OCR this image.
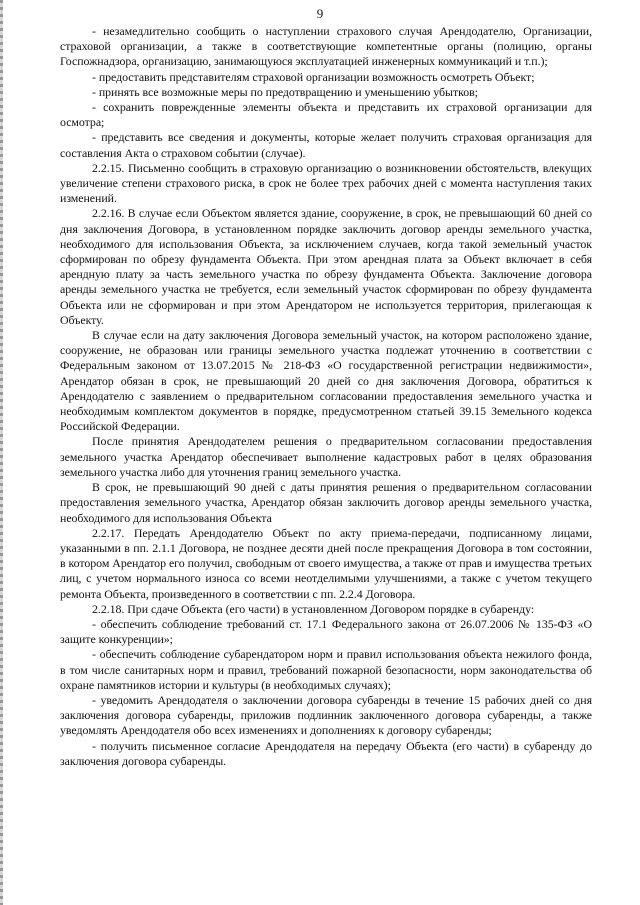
9

- незамедлительно сообщить о наступлении страхового случая Арендодателю, Организации, страховой организации, а также в соответствующие компетентные органы (полицию, органы Госпожнадзора, организацию, занимающуюся эксплуатацией инженерных коммуникаций и т.п.);

- предоставить представителям страховой организации возможность осмотреть Объект;

- принять все возможные меры по предотвращению и уменьшению убытков;

- сохранить поврежденные элементы объекта и представить их страховой организации для осмотра;

- представить все сведения и документы, которые желает получить страховая организация для составления Акта о страховом событии (случае).

2.2.15. Письменно сообщить в страховую организацию о возникновении обстоятельств, влекущих увеличение степени страхового риска, в срок не более трех рабочих дней с момента наступления таких изменений.

2.2.16. В случае если Объектом является здание, сооружение, в срок, не превышающий 60 дней со дня заключения Договора, в установленном порядке заключить договор аренды земельного участка, необходимого для использования Объекта, за исключением случаев, когда такой земельный участок сформирован по обрезу фундамента Объекта. При этом арендная плата за Объект включает в себя арендную плату за часть земельного участка по обрезу фундамента Объекта. Заключение договора аренды земельного участка не требуется, если земельный участок сформирован по обрезу фундамента Объекта или не сформирован и при этом Арендатором не используется территория, прилегающая к Объекту.

В случае если на дату заключения Договора земельный участок, на котором расположено здание, сооружение, не образован или границы земельного участка подлежат уточнению в соответствии с Федеральным законом от 13.07.2015 № 218-ФЗ «О государственной регистрации недвижимости», Арендатор обязан в срок, не превышающий 20 дней со дня заключения Договора, обратиться к Арендодателю с заявлением о предварительном согласовании предоставления земельного участка и необходимым комплектом документов в порядке, предусмотренном статьей 39.15 Земельного кодекса Российской Федерации.

После принятия Арендодателем решения о предварительном согласовании предоставления земельного участка Арендатор обеспечивает выполнение кадастровых работ в целях образования земельного участка либо для уточнения границ земельного участка.

В срок, не превышающий 90 дней с даты принятия решения о предварительном согласовании предоставления земельного участка, Арендатор обязан заключить договор аренды земельного участка, необходимого для использования Объекта

2.2.17. Передать Арендодателю Объект по акту приема-передачи, подписанному лицами, указанными в пп. 2.1.1 Договора, не позднее десяти дней после прекращения Договора в том состоянии, в котором Арендатор его получил, свободным от своего имущества, а также от прав и имущества третьих лиц, с учетом нормального износа со всеми неотделимыми улучшениями, а также с учетом текущего ремонта Объекта, произведенного в соответствии с пп. 2.2.4 Договора.

2.2.18. При сдаче Объекта (его части) в установленном Договором порядке в субаренду:

- обеспечить соблюдение требований ст. 17.1 Федерального закона от 26.07.2006 № 135-ФЗ «О защите конкуренции»;

- обеспечить соблюдение субарендатором норм и правил использования объекта нежилого фонда, в том числе санитарных норм и правил, требований пожарной безопасности, норм законодательства об охране памятников истории и культуры (в необходимых случаях);

- уведомить Арендодателя о заключении договора субаренды в течение 15 рабочих дней со дня заключения договора субаренды, приложив подлинник заключенного договора субаренды, а также уведомлять Арендодателя обо всех изменениях и дополнениях к договору субаренды;

- получить письменное согласие Арендодателя на передачу Объекта (его части) в субаренду до заключения договора субаренды.
